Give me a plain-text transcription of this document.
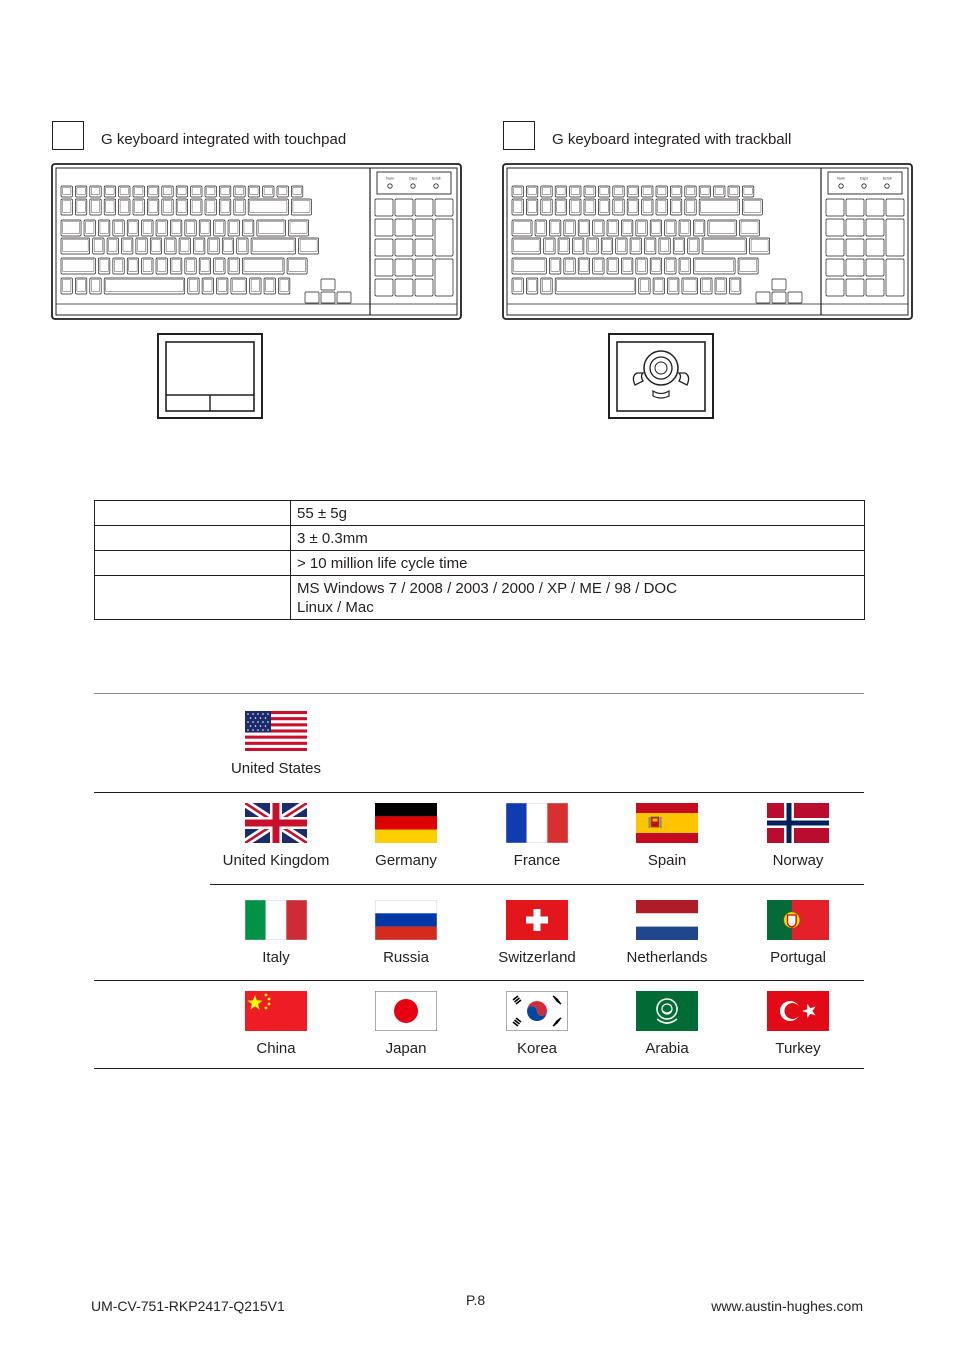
G keyboard integrated with touchpad	G keyboard integrated with trackball
Num	Caps	Scroll	Num	Caps	Scroll
	55 ± 5g
	3 ± 0.3mm
	> 10 million life cycle time
	MS Windows 7 / 2008 / 2003 / 2000 / XP / ME / 98 / DOC
Linux / Mac
United States
United Kingdom	Germany	France	Spain	Norway
Italy	Russia	Switzerland	Netherlands	Portugal
China	Japan	Korea	Arabia	Turkey
UM-CV-751-RKP2417-Q215V1	P.8	www.austin-hughes.com
